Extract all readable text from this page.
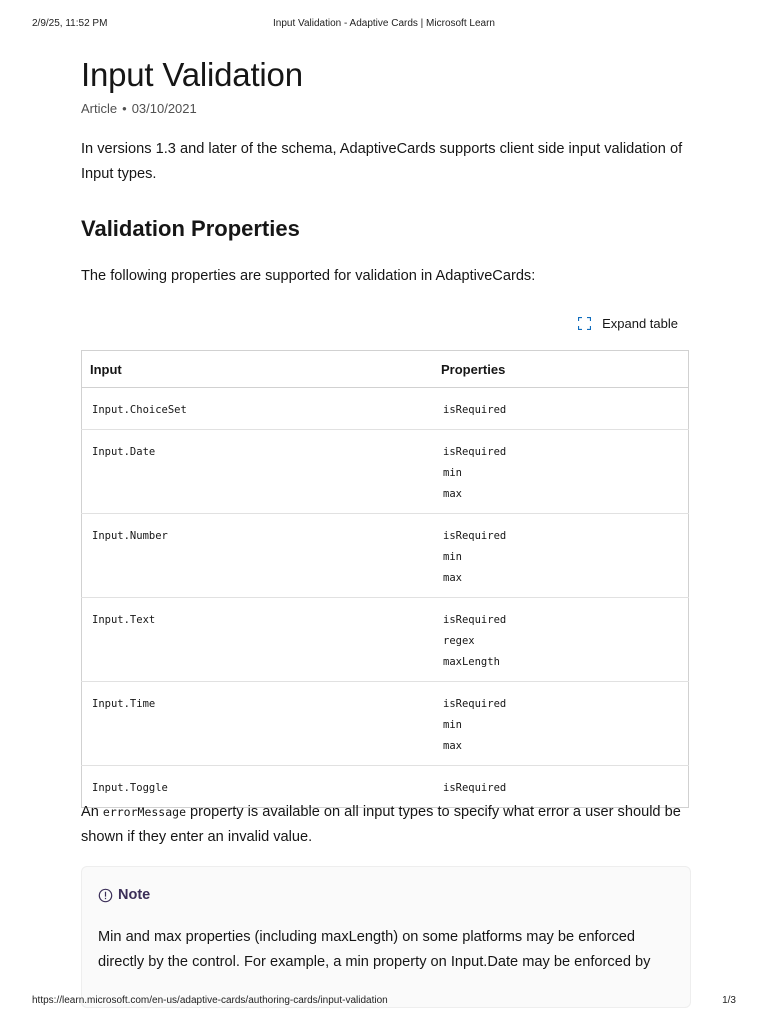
2/9/25, 11:52 PM	Input Validation - Adaptive Cards | Microsoft Learn
Input Validation
Article • 03/10/2021

In versions 1.3 and later of the schema, AdaptiveCards supports client side input validation of Input types.

Validation Properties

The following properties are supported for validation in AdaptiveCards:

Expand table
Input	Properties
Input.ChoiceSet	isRequired

Input.Date	isRequired
min
max

Input.Number	isRequired
min
max

Input.Text	isRequired
regex
maxLength

Input.Time	isRequired
min
max

Input.Toggle	isRequired

An errorMessage property is available on all input types to specify what error a user should be shown if they enter an invalid value.

Note

Min and max properties (including maxLength) on some platforms may be enforced directly by the control. For example, a min property on Input.Date may be enforced by

https://learn.microsoft.com/en-us/adaptive-cards/authoring-cards/input-validation	1/3
